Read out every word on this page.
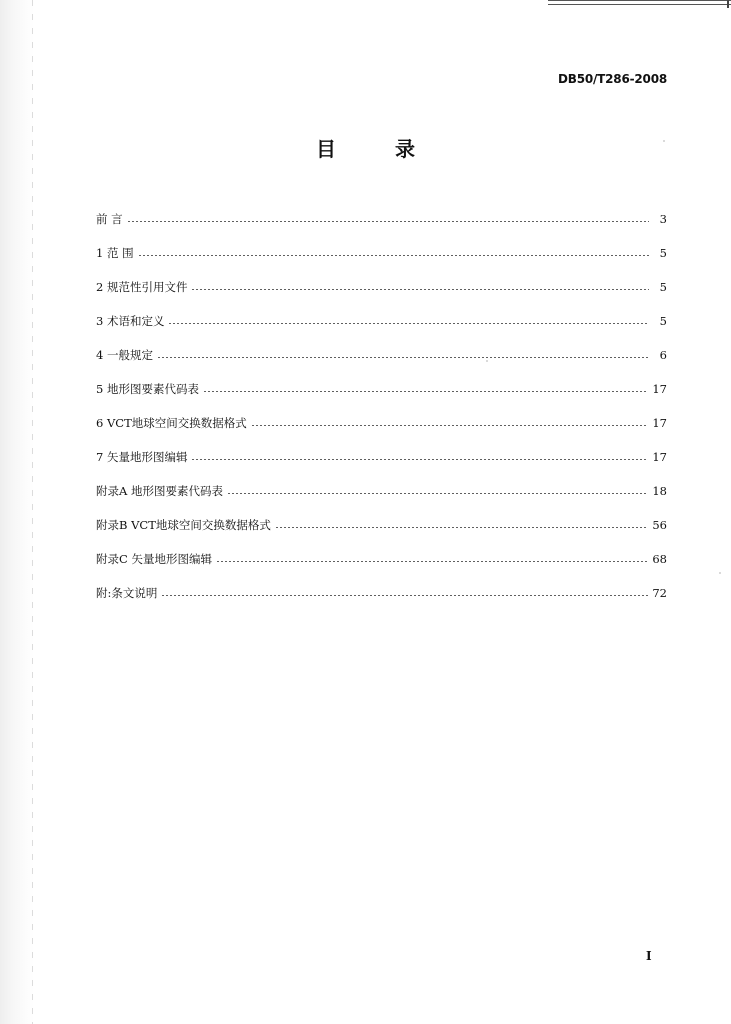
DB50/T286-2008
目 录
前 言	3
1 范 围	5
2 规范性引用文件	5
3 术语和定义	5
4 一般规定	6
5 地形图要素代码表	17
6 VCT地球空间交换数据格式	17
7 矢量地形图编辑	17
附录A 地形图要素代码表	18
附录B VCT地球空间交换数据格式	56
附录C 矢量地形图编辑	68
附:条文说明	72
I
